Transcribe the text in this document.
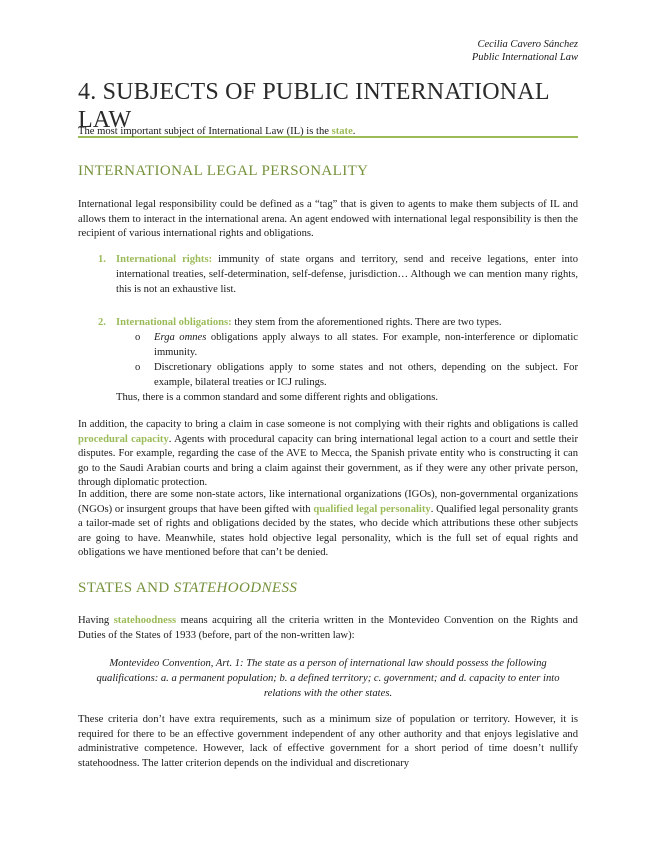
Cecilia Cavero Sánchez
Public International Law
4. SUBJECTS OF PUBLIC INTERNATIONAL LAW
The most important subject of International Law (IL) is the state.
INTERNATIONAL LEGAL PERSONALITY
International legal responsibility could be defined as a “tag” that is given to agents to make them subjects of IL and allows them to interact in the international arena. An agent endowed with international legal responsibility is then the recipient of various international rights and obligations.
1. International rights: immunity of state organs and territory, send and receive legations, enter into international treaties, self-determination, self-defense, jurisdiction… Although we can mention many rights, this is not an exhaustive list.
2. International obligations: they stem from the aforementioned rights. There are two types.
o Erga omnes obligations apply always to all states. For example, non-interference or diplomatic immunity.
o Discretionary obligations apply to some states and not others, depending on the subject. For example, bilateral treaties or ICJ rulings.
Thus, there is a common standard and some different rights and obligations.
In addition, the capacity to bring a claim in case someone is not complying with their rights and obligations is called procedural capacity. Agents with procedural capacity can bring international legal action to a court and settle their disputes. For example, regarding the case of the AVE to Mecca, the Spanish private entity who is constructing it can go to the Saudi Arabian courts and bring a claim against their government, as if they were any other private person, through diplomatic protection.
In addition, there are some non-state actors, like international organizations (IGOs), non-governmental organizations (NGOs) or insurgent groups that have been gifted with qualified legal personality. Qualified legal personality grants a tailor-made set of rights and obligations decided by the states, who decide which attributions these other subjects are going to have. Meanwhile, states hold objective legal personality, which is the full set of equal rights and obligations we have mentioned before that can’t be denied.
STATES AND STATEHOODNESS
Having statehoodness means acquiring all the criteria written in the Montevideo Convention on the Rights and Duties of the States of 1933 (before, part of the non-written law):
Montevideo Convention, Art. 1: The state as a person of international law should possess the following qualifications: a. a permanent population; b. a defined territory; c. government; and d. capacity to enter into relations with the other states.
These criteria don’t have extra requirements, such as a minimum size of population or territory. However, it is required for there to be an effective government independent of any other authority and that enjoys legislative and administrative competence. However, lack of effective government for a short period of time doesn’t nullify statehoodness. The latter criterion depends on the individual and discretionary
